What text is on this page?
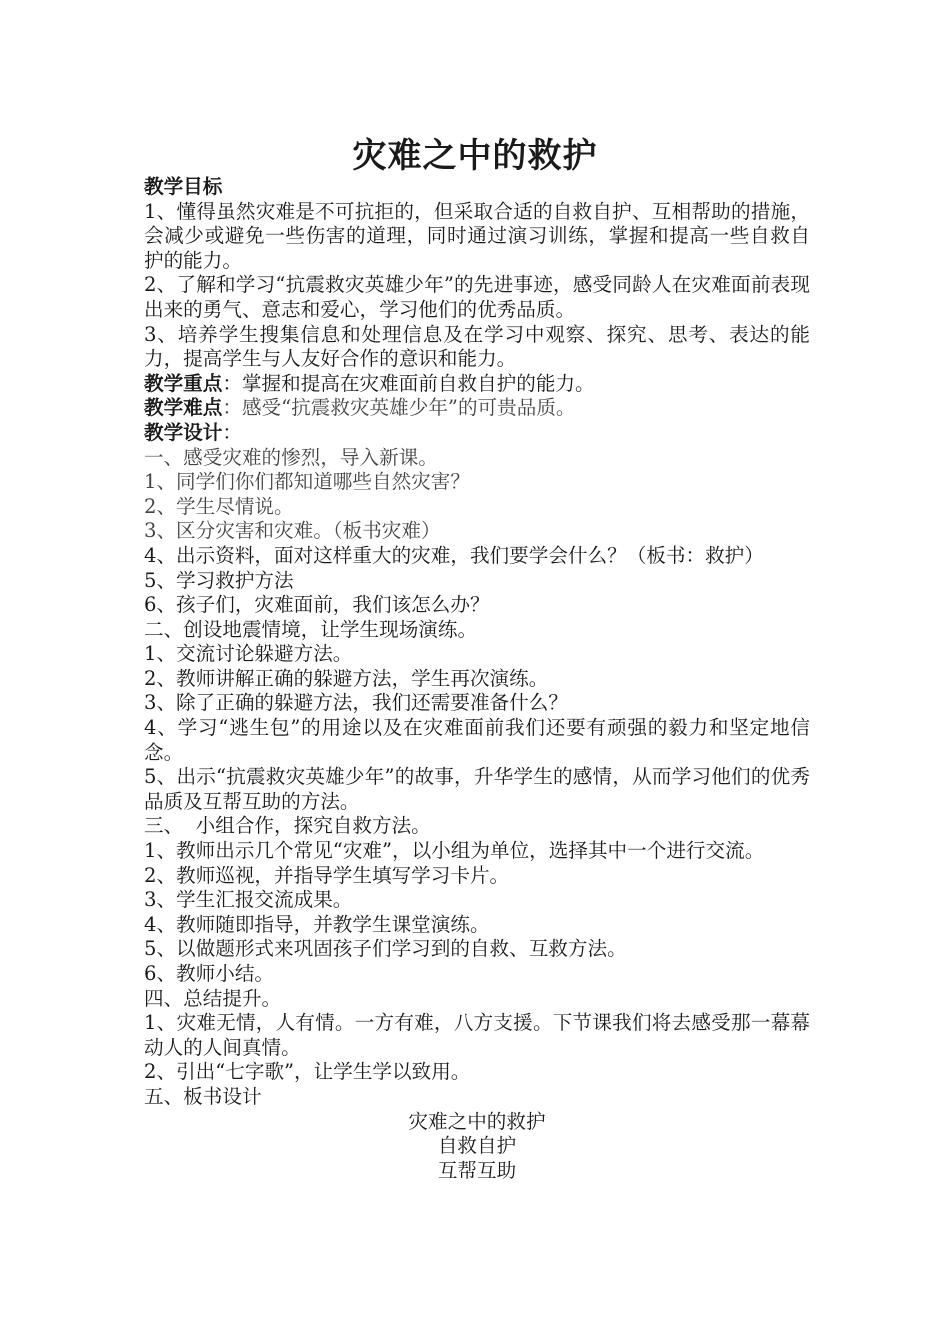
灾难之中的救护
教学目标
1、懂得虽然灾难是不可抗拒的，但采取合适的自救自护、互相帮助的措施，会减少或避免一些伤害的道理，同时通过演习训练，掌握和提高一些自救自护的能力。
2、了解和学习“抗震救灾英雄少年”的先进事迹，感受同龄人在灾难面前表现出来的勇气、意志和爱心，学习他们的优秀品质。
3、培养学生搜集信息和处理信息及在学习中观察、探究、思考、表达的能力，提高学生与人友好合作的意识和能力。
教学重点：掌握和提高在灾难面前自救自护的能力。
教学难点：感受“抗震救灾英雄少年”的可贵品质。
教学设计：
一、感受灾难的惨烈，导入新课。
1、同学们你们都知道哪些自然灾害？
2、学生尽情说。
3、区分灾害和灾难。（板书灾难）
4、出示资料，面对这样重大的灾难，我们要学会什么？（板书：救护）
5、学习救护方法
6、孩子们，灾难面前，我们该怎么办？
二、创设地震情境，让学生现场演练。
1、交流讨论躲避方法。
2、教师讲解正确的躲避方法，学生再次演练。
3、除了正确的躲避方法，我们还需要准备什么？
4、学习“逃生包”的用途以及在灾难面前我们还要有顽强的毅力和坚定地信念。
5、出示“抗震救灾英雄少年”的故事，升华学生的感情，从而学习他们的优秀品质及互帮互助的方法。
三、  小组合作，探究自救方法。
1、教师出示几个常见“灾难”，以小组为单位，选择其中一个进行交流。
2、教师巡视，并指导学生填写学习卡片。
3、学生汇报交流成果。
4、教师随即指导，并教学生课堂演练。
5、以做题形式来巩固孩子们学习到的自救、互救方法。
6、教师小结。
四、总结提升。
1、灾难无情，人有情。一方有难，八方支援。下节课我们将去感受那一幕幕动人的人间真情。
2、引出“七字歌”，让学生学以致用。
五、板书设计
灾难之中的救护
自救自护
互帮互助
